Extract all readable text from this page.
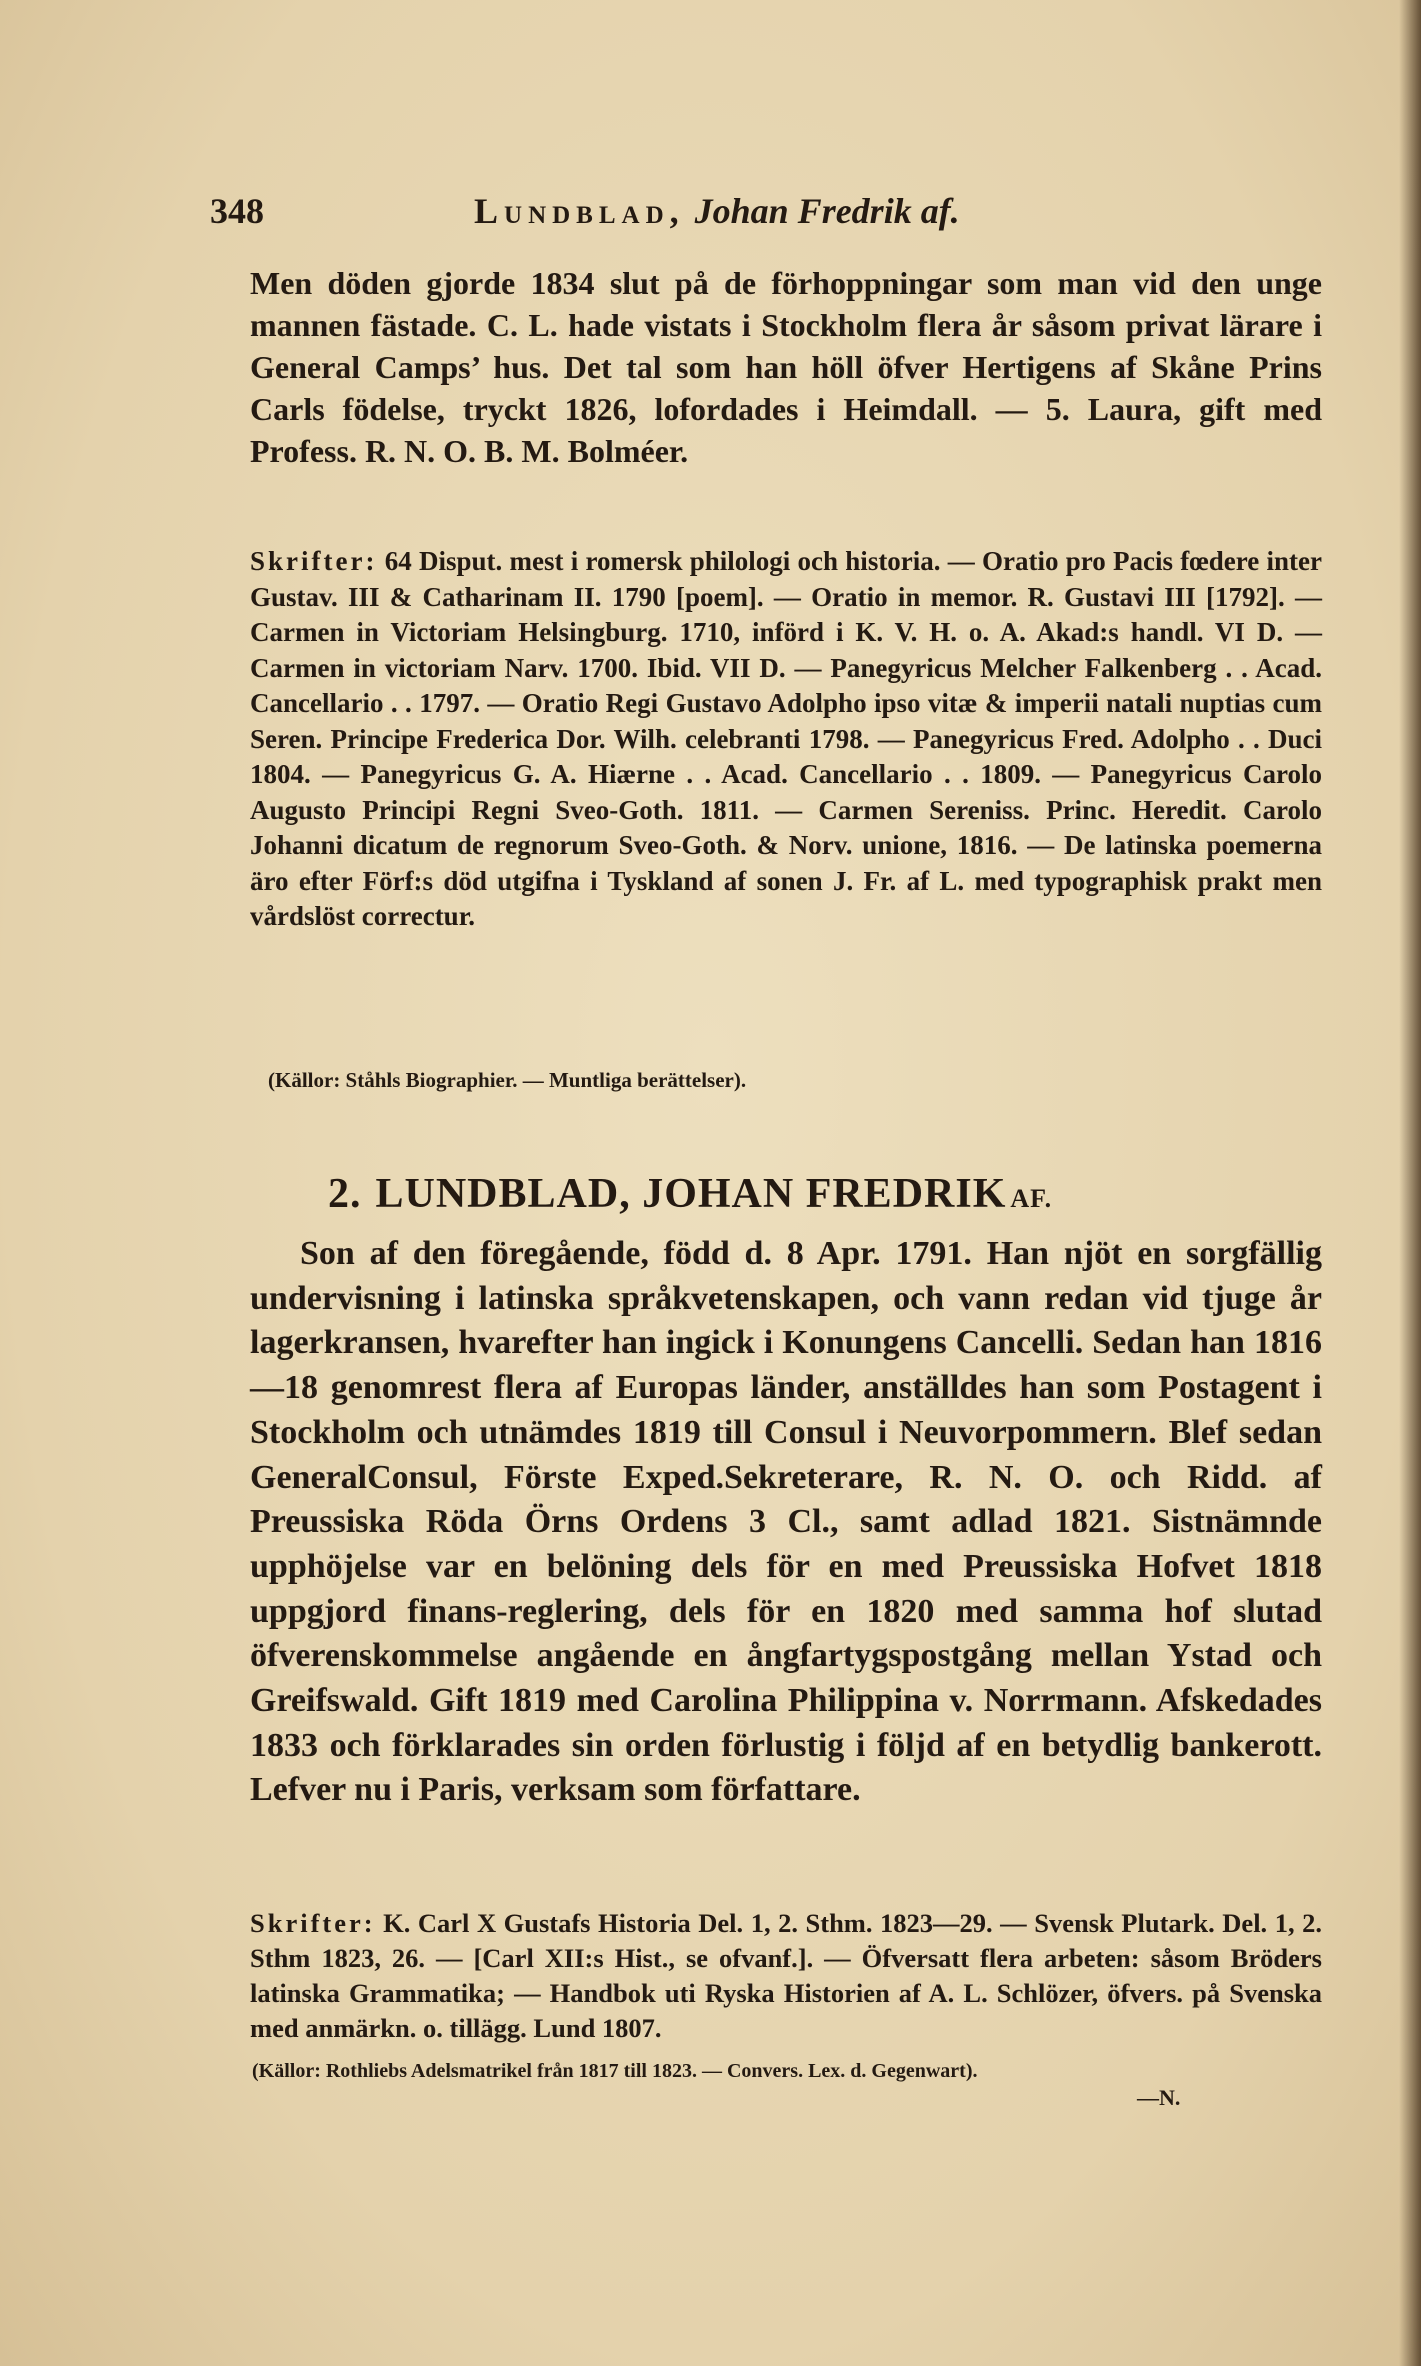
348	Lundblad, Johan Fredrik af.

Men döden gjorde 1834 slut på de förhoppningar som man vid den unge mannen fästade. C. L. hade vistats i Stockholm flera år såsom privat lärare i General Camps’ hus. Det tal som han höll öfver Hertigens af Skåne Prins Carls födelse, tryckt 1826, lofordades i Heimdall. — 5. Laura, gift med Profess. R. N. O. B. M. Bolméer.

Skrifter: 64 Disput. mest i romersk philologi och historia. — Oratio pro Pacis fœdere inter Gustav. III & Catharinam II. 1790 [poem]. — Oratio in memor. R. Gustavi III [1792]. — Carmen in Victoriam Helsingburg. 1710, införd i K. V. H. o. A. Akad:s handl. VI D. — Carmen in victoriam Narv. 1700. Ibid. VII D. — Panegyricus Melcher Falkenberg . . Acad. Cancellario . . 1797. — Oratio Regi Gustavo Adolpho ipso vitæ & imperii natali nuptias cum Seren. Principe Frederica Dor. Wilh. celebranti 1798. — Panegyricus Fred. Adolpho . . Duci 1804. — Panegyricus G. A. Hiærne . . Acad. Cancellario . . 1809. — Panegyricus Carolo Augusto Principi Regni Sveo-Goth. 1811. — Carmen Sereniss. Princ. Heredit. Carolo Johanni dicatum de regnorum Sveo-Goth. & Norv. unione, 1816. — De latinska poemerna äro efter Förf:s död utgifna i Tyskland af sonen J. Fr. af L. med typographisk prakt men vårdslöst correctur.

(Källor: Ståhls Biographier. — Muntliga berättelser).

2. LUNDBLAD, JOHAN FREDRIK AF.

Son af den föregående, född d. 8 Apr. 1791. Han njöt en sorgfällig undervisning i latinska språkvetenskapen, och vann redan vid tjuge år lagerkransen, hvarefter han ingick i Konungens Cancelli. Sedan han 1816—18 genomrest flera af Europas länder, anställdes han som Postagent i Stockholm och utnämdes 1819 till Consul i Neuvorpommern. Blef sedan GeneralConsul, Förste Exped.Sekreterare, R. N. O. och Ridd. af Preussiska Röda Örns Ordens 3 Cl., samt adlad 1821. Sistnämnde upphöjelse var en belöning dels för en med Preussiska Hofvet 1818 uppgjord finans-reglering, dels för en 1820 med samma hof slutad öfverenskommelse angående en ångfartygspostgång mellan Ystad och Greifswald. Gift 1819 med Carolina Philippina v. Norrmann. Afskedades 1833 och förklarades sin orden förlustig i följd af en betydlig bankerott. Lefver nu i Paris, verksam som författare.

Skrifter: K. Carl X Gustafs Historia Del. 1, 2. Sthm. 1823—29. — Svensk Plutark. Del. 1, 2. Sthm 1823, 26. — [Carl XII:s Hist., se ofvanf.]. — Öfversatt flera arbeten: såsom Bröders latinska Grammatika; — Handbok uti Ryska Historien af A. L. Schlözer, öfvers. på Svenska med anmärkn. o. tillägg. Lund 1807.

(Källor: Rothliebs Adelsmatrikel från 1817 till 1823. — Convers. Lex. d. Gegenwart).

—N.
